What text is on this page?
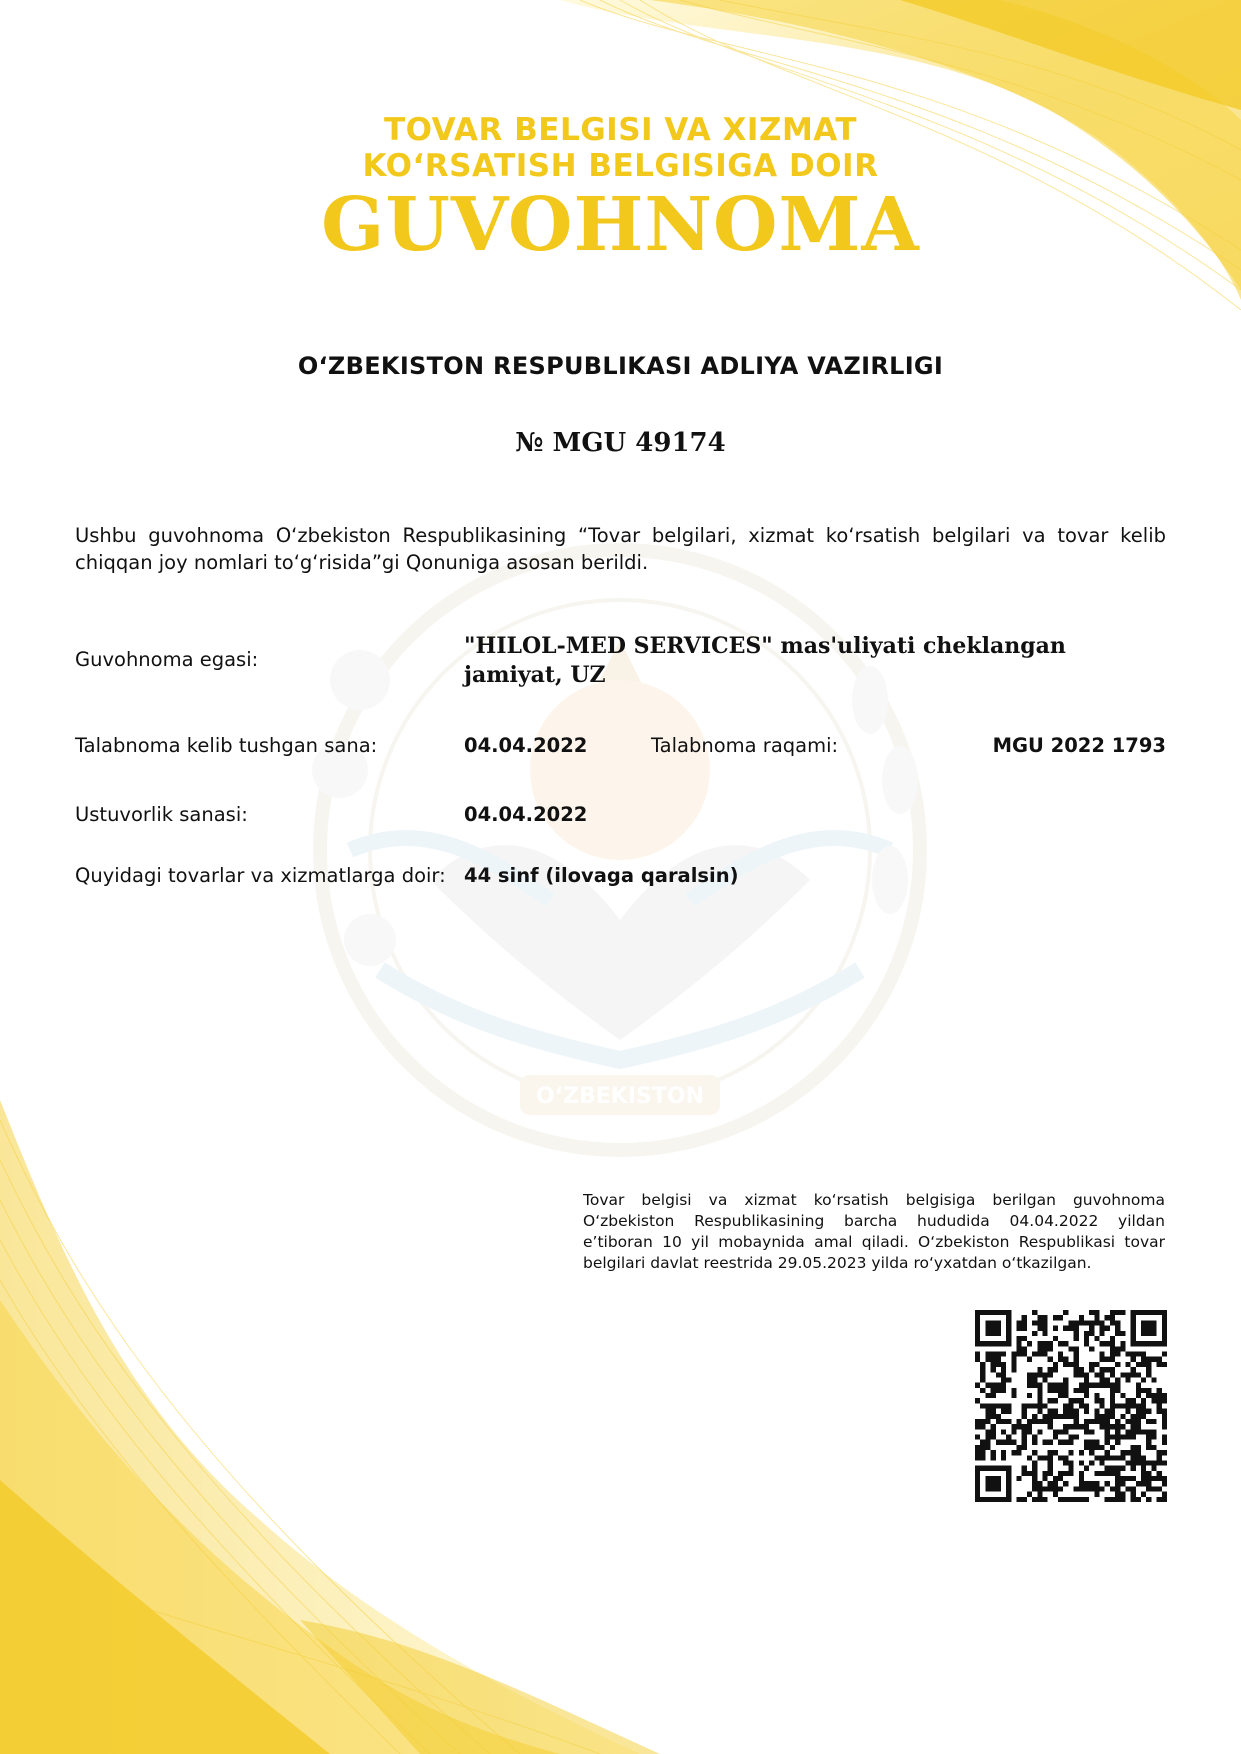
O‘ZBEKISTON
TOVAR BELGISI VA XIZMAT
KO‘RSATISH BELGISIGA DOIR
GUVOHNOMA
O‘ZBEKISTON RESPUBLIKASI ADLIYA VAZIRLIGI
№ MGU 49174
Ushbu guvohnoma O‘zbekiston Respublikasining “Tovar belgilari, xizmat ko‘rsatish belgilari va tovar kelib chiqqan joy nomlari to‘g‘risida”gi Qonuniga asosan berildi.
Guvohnoma egasi:
"HILOL-MED SERVICES" mas'uliyati cheklangan jamiyat, UZ
Talabnoma kelib tushgan sana:	04.04.2022	Talabnoma raqami:	MGU 2022 1793
Ustuvorlik sanasi:	04.04.2022
Quyidagi tovarlar va xizmatlarga doir: 44 sinf (ilovaga qaralsin)
Tovar belgisi va xizmat ko‘rsatish belgisiga berilgan guvohnoma O‘zbekiston Respublikasining barcha hududida 04.04.2022 yildan e’tiboran 10 yil mobaynida amal qiladi. O‘zbekiston Respublikasi tovar belgilari davlat reestrida 29.05.2023 yilda ro‘yxatdan o‘tkazilgan.
